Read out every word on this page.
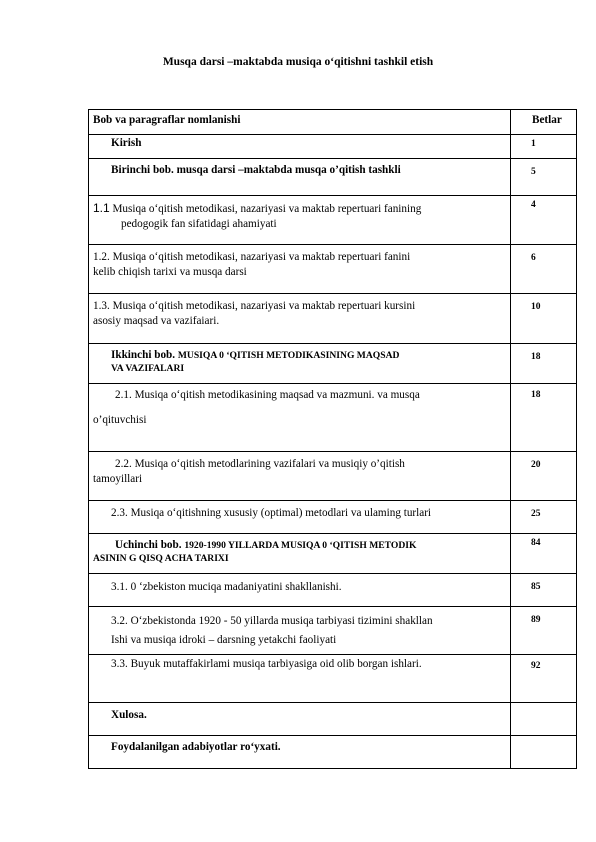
Musqa darsi –maktabda musiqa o‘qitishni tashkil etish
Bob va paragraflar nomlanishi	Betlar

Kirish	1

Birinchi bob. musqa darsi –maktabda musqa o’qitish tashkli	5

1.1 Musiqa o‘qitish metodikasi, nazariyasi va maktab repertuari fanining
pedogogik fan sifatidagi ahamiyati	4

1.2. Musiqa o‘qitish metodikasi, nazariyasi va maktab repertuari fanini
kelib chiqish tarixi va musqa darsi	6

1.3. Musiqa o‘qitish metodikasi, nazariyasi va maktab repertuari kursini
asosiy maqsad va vazifaiari.	10

Ikkinchi bob. MUSIQA 0 ‘QITISH METODIKASINING MAQSAD
VA VAZIFALARI	18

2.1. Musiqa o‘qitish metodikasining maqsad va mazmuni. va musqa
o’qituvchisi	18

2.2. Musiqa o‘qitish metodlarining vazifalari va musiqiy o’qitish
tamoyillari	20

2.3. Musiqa o‘qitishning xususiy (optimal) metodlari va ulaming turlari	25

Uchinchi bob. 1920-1990 YILLARDA MUSIQA 0 ‘QITISH METODIK
ASININ G QISQ ACHA TARIXI	84

3.1. 0 ‘zbekiston muciqa madaniyatini shakllanishi.	85

3.2. O‘zbekistonda 1920 - 50 yillarda musiqa tarbiyasi tizimini shakllan
Ishi va musiqa idroki – darsning yetakchi faoliyati	89

3.3. Buyuk mutaffakirlami musiqa tarbiyasiga oid olib borgan ishlari.	92

Xulosa.	

Foydalanilgan adabiyotlar ro‘yxati.	
